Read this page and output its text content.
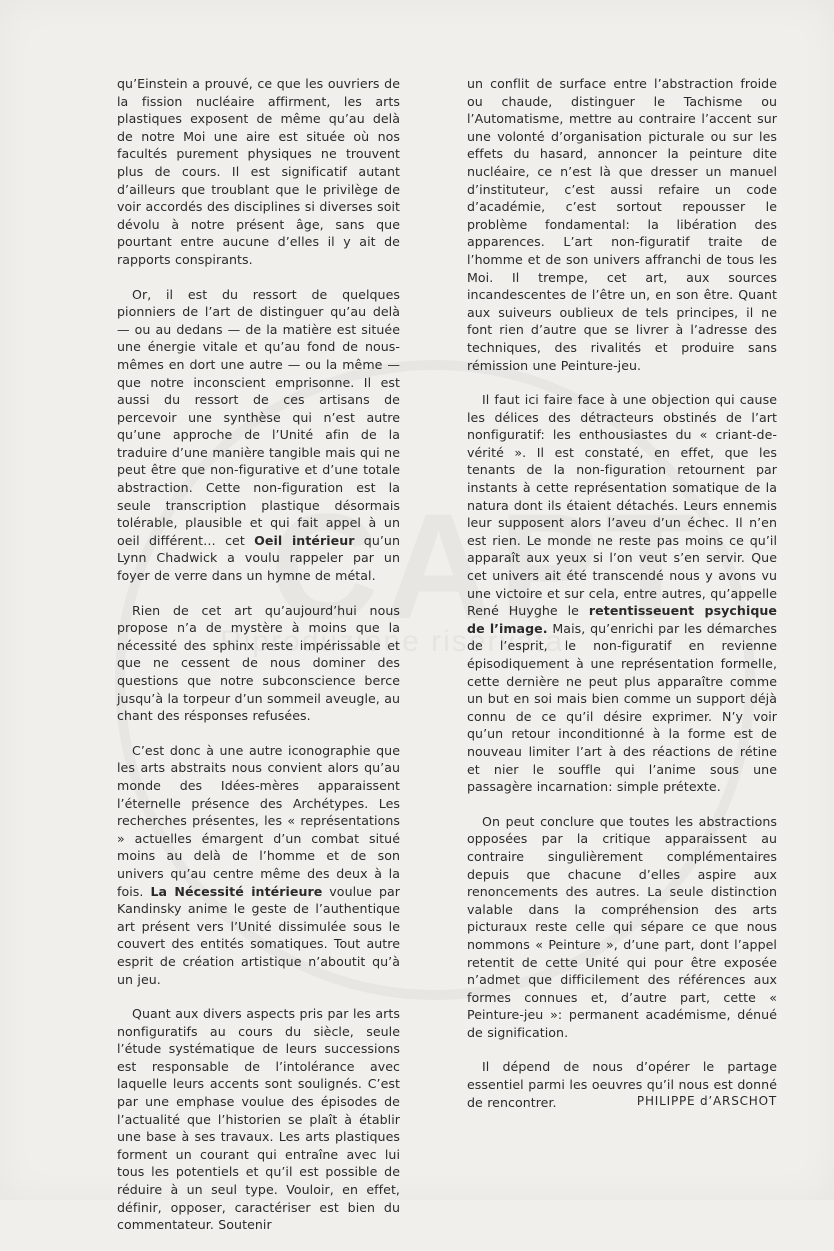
qu’Einstein a prouvé, ce que les ouvriers de la fission nucléaire affirment, les arts plastiques exposent de même qu’au delà de notre Moi une aire est située où nos facultés purement physiques ne trouvent plus de cours. Il est significatif autant d’ailleurs que troublant que le privilège de voir accordés des disciplines si diverses soit dévolu à notre présent âge, sans que pourtant entre aucune d’elles il y ait de rapports conspirants.

Or, il est du ressort de quelques pionniers de l’art de distinguer qu’au delà — ou au dedans — de la matière est située une énergie vitale et qu’au fond de nous-mêmes en dort une autre — ou la même — que notre inconscient emprisonne. Il est aussi du ressort de ces artisans de percevoir une synthèse qui n’est autre qu’une approche de l’Unité afin de la traduire d’une manière tangible mais qui ne peut être que non-figurative et d’une totale abstraction. Cette non-figuration est la seule transcription plastique désormais tolérable, plausible et qui fait appel à un oeil différent… cet Oeil intérieur qu’un Lynn Chadwick a voulu rappeler par un foyer de verre dans un hymne de métal.

Rien de cet art qu’aujourd’hui nous propose n’a de mystère à moins que la nécessité des sphinx reste impérissable et que ne cessent de nous dominer des questions que notre subconscience berce jusqu’à la torpeur d’un sommeil aveugle, au chant des résponses refusées.

C’est donc à une autre iconographie que les arts abstraits nous convient alors qu’au monde des Idées-mères apparaissent l’éternelle présence des Archétypes. Les recherches présentes, les « représentations » actuelles émargent d’un combat situé moins au delà de l’homme et de son univers qu’au centre même des deux à la fois. La Nécessité intérieure voulue par Kandinsky anime le geste de l’authentique art présent vers l’Unité dissimulée sous le couvert des entités somatiques. Tout autre esprit de création artistique n’aboutit qu’à un jeu.

Quant aux divers aspects pris par les arts nonfiguratifs au cours du siècle, seule l’étude systématique de leurs successions est responsable de l’intolérance avec laquelle leurs accents sont soulignés. C’est par une emphase voulue des épisodes de l’actualité que l’historien se plaît à établir une base à ses travaux. Les arts plastiques forment un courant qui entraîne avec lui tous les potentiels et qu’il est possible de réduire à un seul type. Vouloir, en effet, définir, opposer, caractériser est bien du commentateur. Soutenir

un conflit de surface entre l’abstraction froide ou chaude, distinguer le Tachisme ou l’Automatisme, mettre au contraire l’accent sur une volonté d’organisation picturale ou sur les effets du hasard, annoncer la peinture dite nucléaire, ce n’est là que dresser un manuel d’instituteur, c’est aussi refaire un code d’académie, c’est sortout repousser le problème fondamental: la libération des apparences. L’art non-figuratif traite de l’homme et de son univers affranchi de tous les Moi. Il trempe, cet art, aux sources incandescentes de l’être un, en son être. Quant aux suiveurs oublieux de tels principes, il ne font rien d’autre que se livrer à l’adresse des techniques, des rivalités et produire sans rémission une Peinture-jeu.

Il faut ici faire face à une objection qui cause les délices des détracteurs obstinés de l’art nonfiguratif: les enthousiastes du « criant-de-vérité ». Il est constaté, en effet, que les tenants de la non-figuration retournent par instants à cette représentation somatique de la natura dont ils étaient détachés. Leurs ennemis leur supposent alors l’aveu d’un échec. Il n’en est rien. Le monde ne reste pas moins ce qu’il apparaît aux yeux si l’on veut s’en servir. Que cet univers ait été transcendé nous y avons vu une victoire et sur cela, entre autres, qu’appelle René Huyghe le retentisseuent psychique de l’image. Mais, qu’enrichi par les démarches de l’esprit, le non-figuratif en revienne épisodiquement à une représentation formelle, cette dernière ne peut plus apparaître comme un but en soi mais bien comme un support déjà connu de ce qu’il désire exprimer. N’y voir qu’un retour inconditionné à la forme est de nouveau limiter l’art à des réactions de rétine et nier le souffle qui l’anime sous une passagère incarnation: simple prétexte.

On peut conclure que toutes les abstractions opposées par la critique apparaissent au contraire singulièrement complémentaires depuis que chacune d’elles aspire aux renoncements des autres. La seule distinction valable dans la compréhension des arts picturaux reste celle qui sépare ce que nous nommons « Peinture », d’une part, dont l’appel retentit de cette Unité qui pour être exposée n’admet que difficilement des références aux formes connues et, d’autre part, cette « Peinture-jeu »: permanent académisme, dénué de signification.

Il dépend de nous d’opérer le partage essentiel parmi les oeuvres qu’il nous est donné de rencontrer.	PHILIPPE d’ARSCHOT
